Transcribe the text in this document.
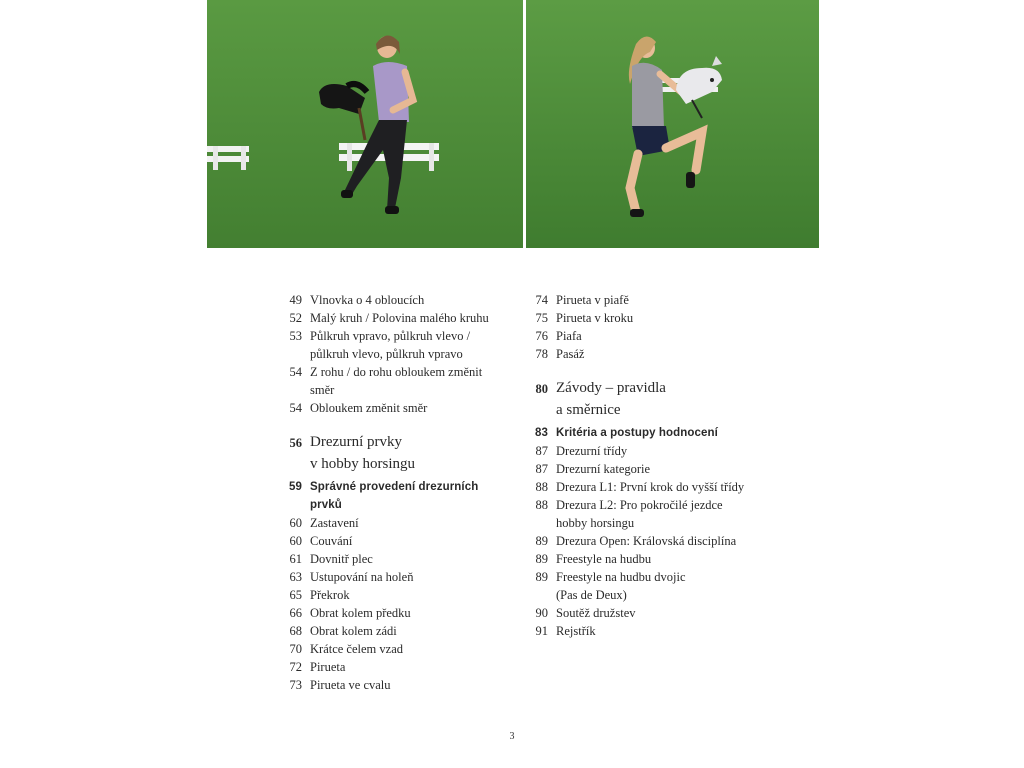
49 Vlnovka o 4 obloucích
52 Malý kruh / Polovina malého kruhu
53 Půlkruh vpravo, půlkruh vlevo /
půlkruh vlevo, půlkruh vpravo
54 Z rohu / do rohu obloukem změnit
směr
54 Obloukem změnit směr
56 Drezurní prvky
v hobby horsingu
59 Správné provedení drezurních
prvků
60 Zastavení
60 Couvání
61 Dovnitř plec
63 Ustupování na holeň
65 Překrok
66 Obrat kolem předku
68 Obrat kolem zádi
70 Krátce čelem vzad
72 Pirueta
73 Pirueta ve cvalu
74 Pirueta v piafě
75 Pirueta v kroku
76 Piafa
78 Pasáž
80 Závody – pravidla
a směrnice
83 Kritéria a postupy hodnocení
87 Drezurní třídy
87 Drezurní kategorie
88 Drezura L1: První krok do vyšší třídy
88 Drezura L2: Pro pokročilé jezdce
hobby horsingu
89 Drezura Open: Královská disciplína
89 Freestyle na hudbu
89 Freestyle na hudbu dvojic
(Pas de Deux)
90 Soutěž družstev
91 Rejstřík
3
